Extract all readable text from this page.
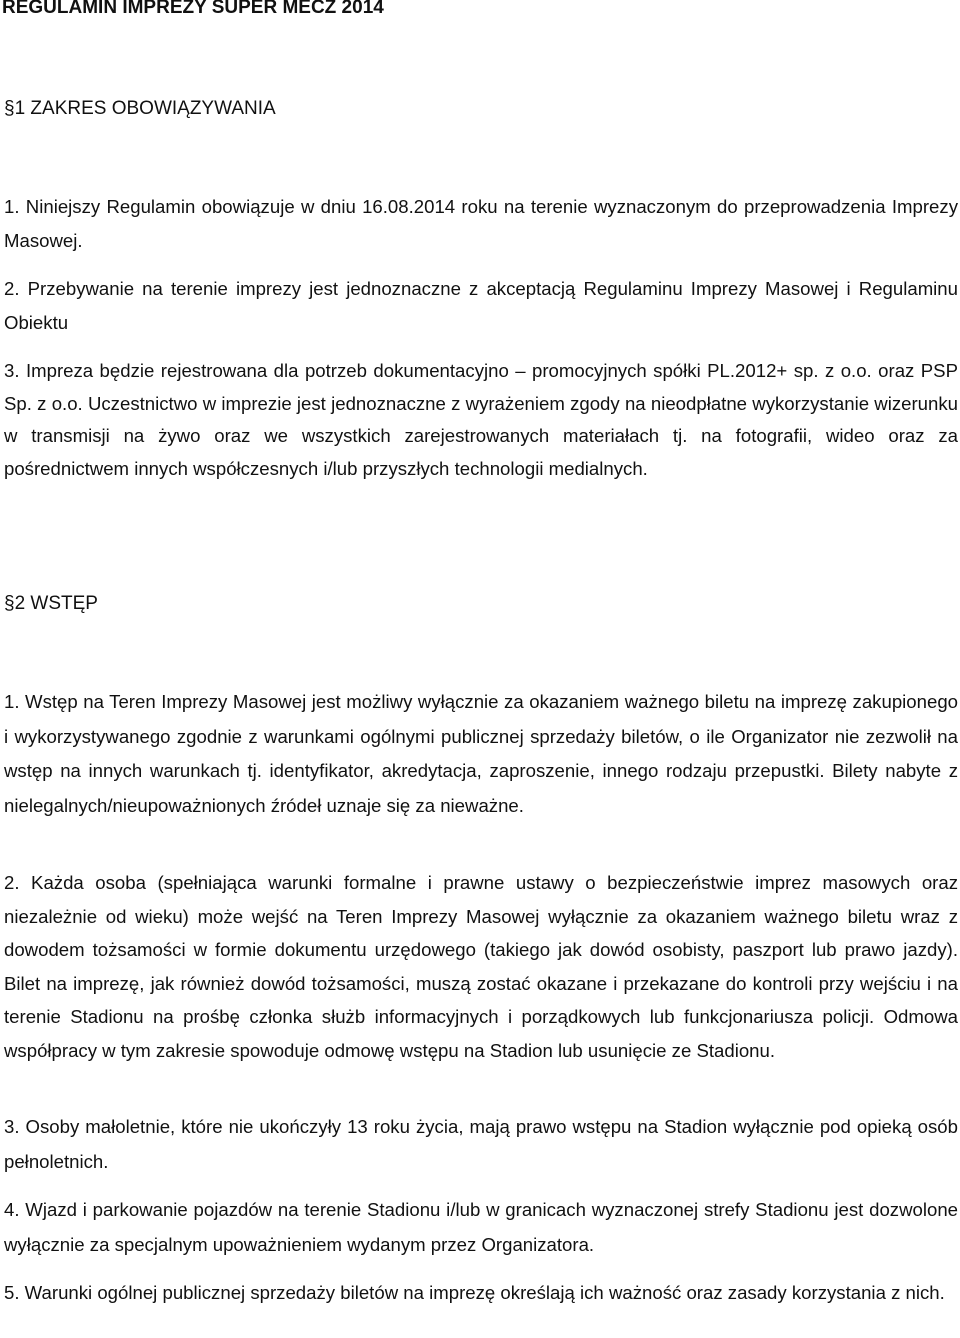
REGULAMIN IMPREZY SUPER MECZ 2014
§1 ZAKRES OBOWIĄZYWANIA

1. Niniejszy Regulamin obowiązuje w dniu 16.08.2014 roku na terenie wyznaczonym do przeprowadzenia Imprezy Masowej.

2. Przebywanie na terenie imprezy jest jednoznaczne z akceptacją Regulaminu Imprezy Masowej i Regulaminu Obiektu

3. Impreza będzie rejestrowana dla potrzeb dokumentacyjno – promocyjnych spółki PL.2012+ sp. z o.o. oraz PSP Sp. z o.o. Uczestnictwo w imprezie jest jednoznaczne z wyrażeniem zgody na nieodpłatne wykorzystanie wizerunku w transmisji na żywo oraz we wszystkich zarejestrowanych materiałach tj. na fotografii, wideo oraz za pośrednictwem innych współczesnych i/lub przyszłych technologii medialnych.

§2 WSTĘP

1. Wstęp na Teren Imprezy Masowej jest możliwy wyłącznie za okazaniem ważnego biletu na imprezę zakupionego i wykorzystywanego zgodnie z warunkami ogólnymi publicznej sprzedaży biletów, o ile Organizator nie zezwolił na wstęp na innych warunkach tj. identyfikator, akredytacja, zaproszenie, innego rodzaju przepustki. Bilety nabyte z nielegalnych/nieupoważnionych źródeł uznaje się za nieważne.

2. Każda osoba (spełniająca warunki formalne i prawne ustawy o bezpieczeństwie imprez masowych oraz niezależnie od wieku) może wejść na Teren Imprezy Masowej wyłącznie za okazaniem ważnego biletu wraz z dowodem tożsamości w formie dokumentu urzędowego (takiego jak dowód osobisty, paszport lub prawo jazdy). Bilet na imprezę, jak również dowód tożsamości, muszą zostać okazane i przekazane do kontroli przy wejściu i na terenie Stadionu na prośbę członka służb informacyjnych i porządkowych lub funkcjonariusza policji. Odmowa współpracy w tym zakresie spowoduje odmowę wstępu na Stadion lub usunięcie ze Stadionu.

3. Osoby małoletnie, które nie ukończyły 13 roku życia, mają prawo wstępu na Stadion wyłącznie pod opieką osób pełnoletnich.

4. Wjazd i parkowanie pojazdów na terenie Stadionu i/lub w granicach wyznaczonej strefy Stadionu jest dozwolone wyłącznie za specjalnym upoważnieniem wydanym przez Organizatora.

5. Warunki ogólnej publicznej sprzedaży biletów na imprezę określają ich ważność oraz zasady korzystania z nich.
